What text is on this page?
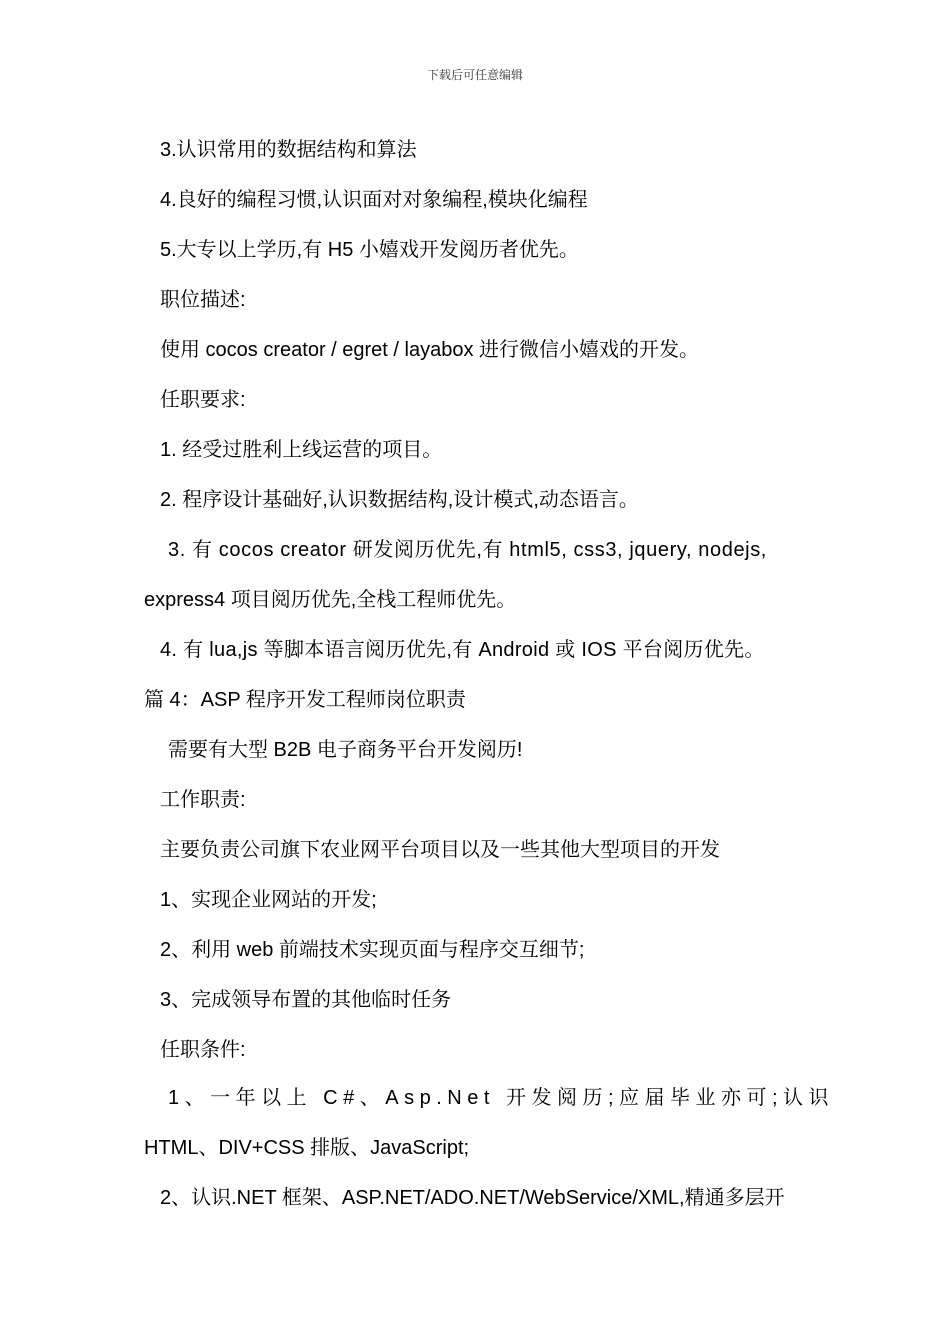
下载后可任意编辑
3.认识常用的数据结构和算法
4.良好的编程习惯,认识面对对象编程,模块化编程
5.大专以上学历,有 H5 小嬉戏开发阅历者优先。
职位描述:
使用 cocos creator / egret / layabox 进行微信小嬉戏的开发。
任职要求:
1. 经受过胜利上线运营的项目。
2. 程序设计基础好,认识数据结构,设计模式,动态语言。
3. 有 cocos creator 研发阅历优先,有 html5, css3, jquery, nodejs,
express4 项目阅历优先,全栈工程师优先。
4. 有 lua,js 等脚本语言阅历优先,有 Android 或 IOS 平台阅历优先。
篇 4：ASP 程序开发工程师岗位职责
需要有大型 B2B 电子商务平台开发阅历!
工作职责:
主要负责公司旗下农业网平台项目以及一些其他大型项目的开发
1、实现企业网站的开发;
2、利用 web 前端技术实现页面与程序交互细节;
3、完成领导布置的其他临时任务
任职条件:
1、一年以上 C#、Asp.Net 开发阅历;应届毕业亦可;认识
HTML、DIV+CSS 排版、JavaScript;
2、认识.NET 框架、ASP.NET/ADO.NET/WebService/XML,精通多层开
